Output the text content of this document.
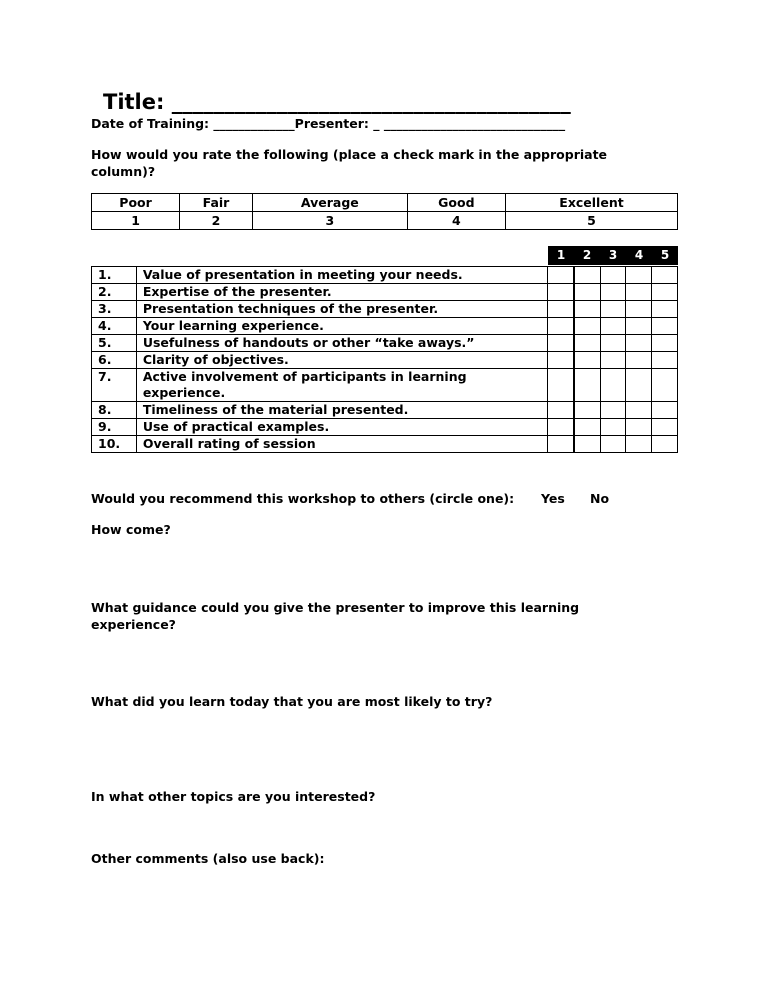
Title: ______________________________________
Date of Training: _____________Presenter: _ _____________________________
How would you rate the following (place a check mark in the appropriate column)?
Poor	Fair	Average	Good	Excellent
1	2	3	4	5
1	2	3	4	5
1.	Value of presentation in meeting your needs.					
2.	Expertise of the presenter.					
3.	Presentation techniques of the presenter.					
4.	Your learning experience.					
5.	Usefulness of handouts or other “take aways.”					
6.	Clarity of objectives.					
7.	Active involvement of participants in learning experience.					
8.	Timeliness of the material presented.					
9.	Use of practical examples.					
10.	Overall rating of session					
Would you recommend this workshop to others (circle one):	Yes No
How come?
What guidance could you give the presenter to improve this learning experience?
What did you learn today that you are most likely to try?
In what other topics are you interested?
Other comments (also use back):
